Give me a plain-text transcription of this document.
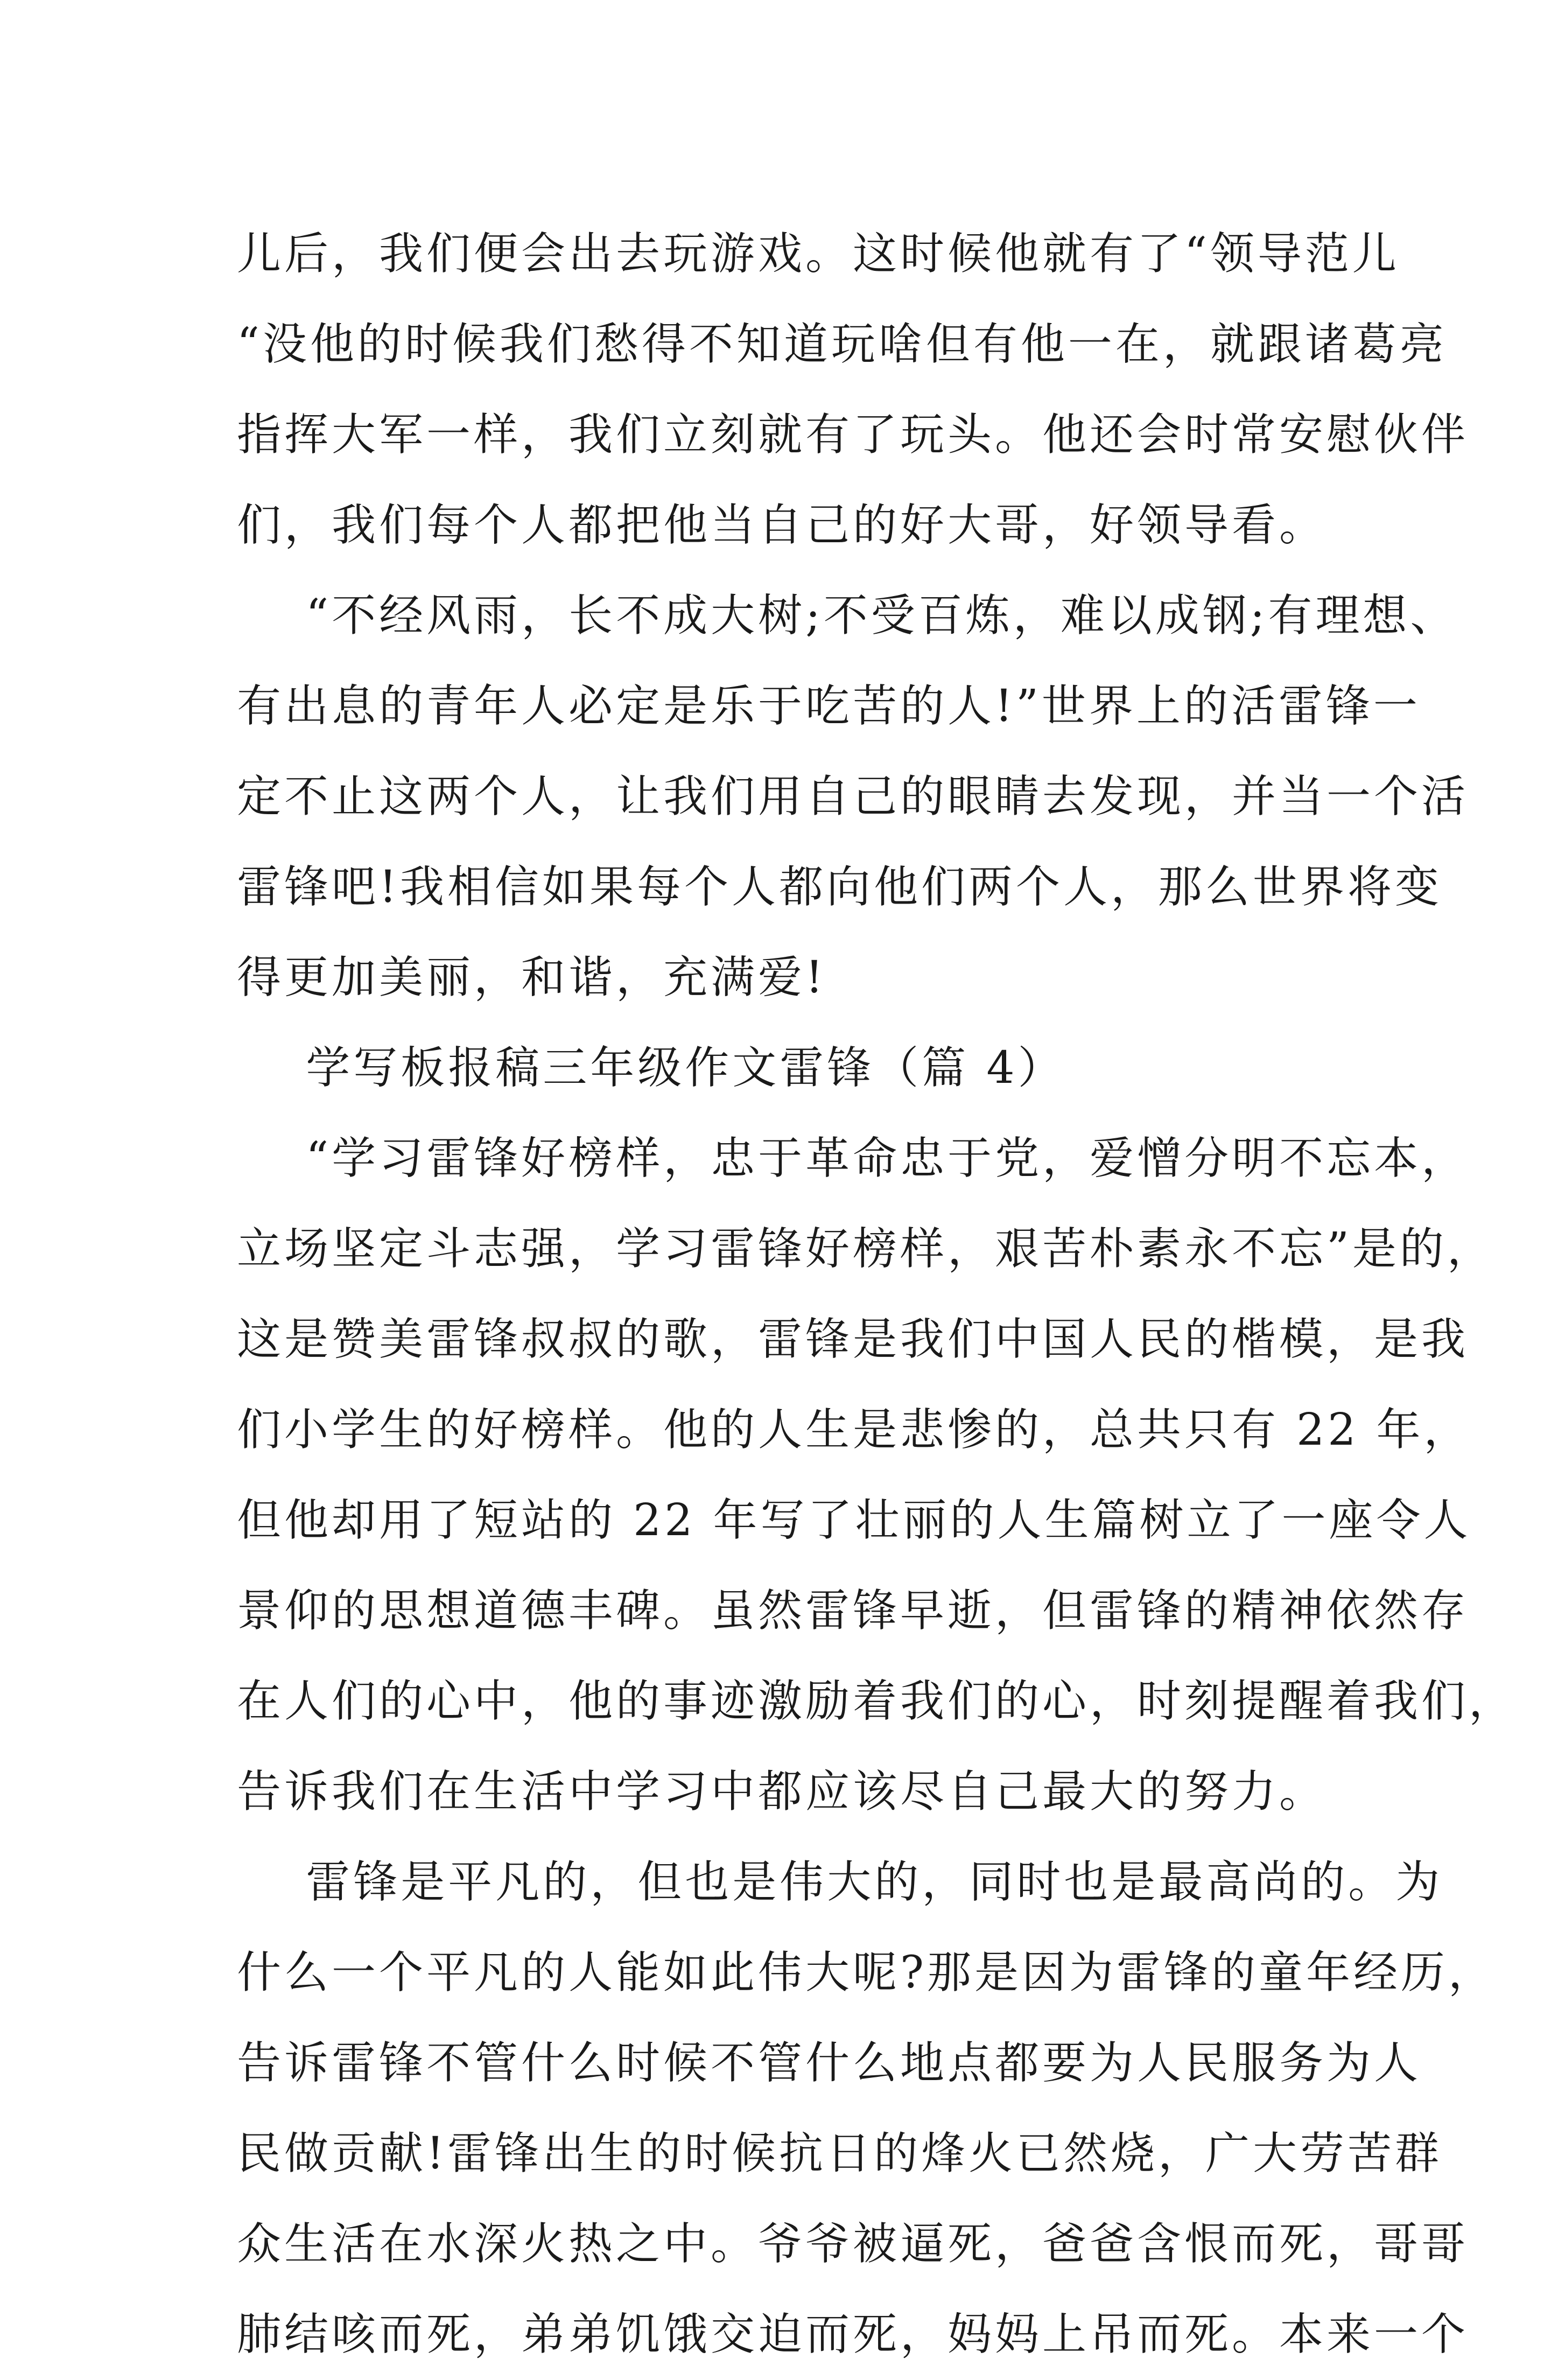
儿后，我们便会出去玩游戏。这时候他就有了“领导范儿
“没他的时候我们愁得不知道玩啥但有他一在，就跟诸葛亮
指挥大军一样，我们立刻就有了玩头。他还会时常安慰伙伴
们，我们每个人都把他当自己的好大哥，好领导看。
“不经风雨，长不成大树;不受百炼，难以成钢;有理想、
有出息的青年人必定是乐于吃苦的人!”世界上的活雷锋一
定不止这两个人，让我们用自己的眼睛去发现，并当一个活
雷锋吧!我相信如果每个人都向他们两个人，那么世界将变
得更加美丽，和谐，充满爱!
学写板报稿三年级作文雷锋（篇 4）
“学习雷锋好榜样，忠于革命忠于党，爱憎分明不忘本，
立场坚定斗志强，学习雷锋好榜样，艰苦朴素永不忘”是的，
这是赞美雷锋叔叔的歌，雷锋是我们中国人民的楷模，是我
们小学生的好榜样。他的人生是悲惨的，总共只有 22 年，
但他却用了短站的 22 年写了壮丽的人生篇树立了一座令人
景仰的思想道德丰碑。虽然雷锋早逝，但雷锋的精神依然存
在人们的心中，他的事迹激励着我们的心，时刻提醒着我们，
告诉我们在生活中学习中都应该尽自己最大的努力。
雷锋是平凡的，但也是伟大的，同时也是最高尚的。为
什么一个平凡的人能如此伟大呢?那是因为雷锋的童年经历，
告诉雷锋不管什么时候不管什么地点都要为人民服务为人
民做贡献!雷锋出生的时候抗日的烽火已然烧，广大劳苦群
众生活在水深火热之中。爷爷被逼死，爸爸含恨而死，哥哥
肺结咳而死，弟弟饥饿交迫而死，妈妈上吊而死。本来一个
